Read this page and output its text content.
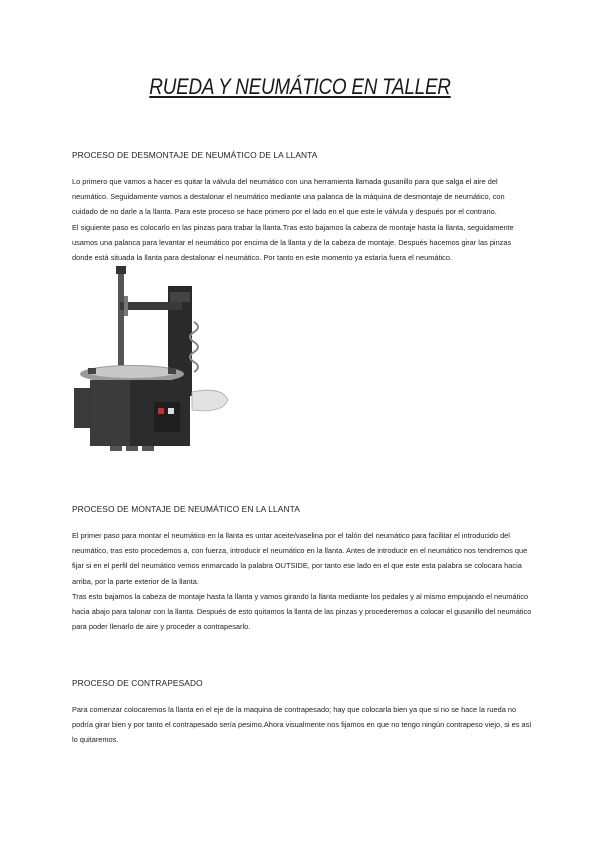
RUEDA Y NEUMÁTICO EN TALLER
PROCESO DE DESMONTAJE DE NEUMÁTICO DE LA LLANTA

Lo primero que vamos a hacer es quitar la válvula del neumático con una herramienta llamada gusanillo para que salga el aire del neumático. Seguidamente vamos a destalonar el neumático mediante una palanca de la máquina de desmontaje de neumático, con cuidado de no darle a la llanta. Para este proceso se hace primero por el lado en el que este le válvula y después por el contrario.

El siguiente paso es colocarlo en las pinzas para trabar la llanta.Tras esto bajamos la cabeza de montaje hasta la llanta, seguidamente usamos una palanca para levantar el neumático por encima de la llanta y de la cabeza de montaje. Después hacemos girar las pinzas donde está situada la llanta para destalonar el neumático. Por tanto en este momento ya estaría fuera el neumático.

PROCESO DE MONTAJE DE NEUMÁTICO EN LA LLANTA

El primer paso para montar el neumático en la llanta es untar aceite/vaselina por el talón del neumático para facilitar el introducido del neumático, tras esto procedemos a, con fuerza, introducir el neumático en la llanta. Antes de introducir en el neumático nos tendremos que fijar si en el perfil del neumático vemos enmarcado la palabra OUTSIDE, por tanto ese lado en el que este esta palabra se colocara hacia arriba, por la parte exterior de la llanta.

Tras esto bajamos la cabeza de montaje hasta la llanta y vamos girando la llanta mediante los pedales y al mismo empujando el neumático hacia abajo para talonar con la llanta. Después de esto quitamos la llanta de las pinzas y procederemos a colocar el gusanillo del neumático para poder llenarlo de aire y proceder a contrapesarlo.

PROCESO DE CONTRAPESADO

Para comenzar colocaremos la llanta en el eje de la maquina de contrapesado; hay que colocarla bien ya que si no se hace la rueda no podría girar bien y por tanto el contrapesado sería pesimo.Ahora visualmente nos fijamos en que no tengo ningún contrapeso viejo, si es así lo quitaremos.
